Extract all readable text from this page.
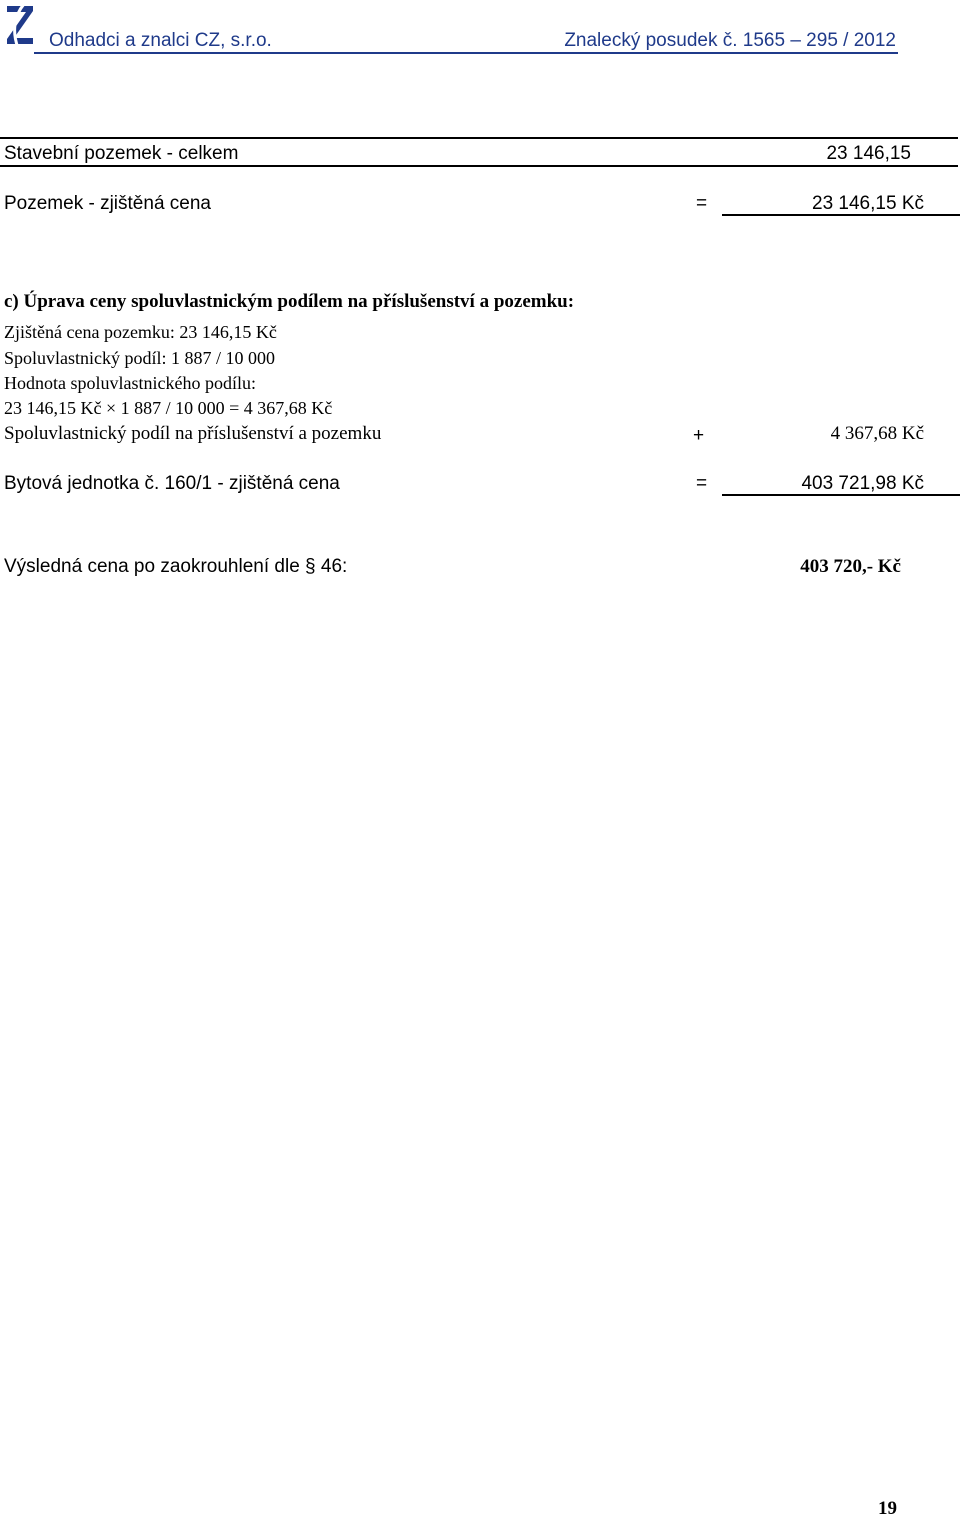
Odhadci a znalci CZ, s.r.o.	Znalecký posudek č. 1565 – 295 / 2012
Stavební pozemek - celkem	23 146,15
Pozemek - zjištěná cena	=	23 146,15 Kč
c) Úprava ceny spoluvlastnickým podílem na příslušenství a pozemku:
Zjištěná cena pozemku: 23 146,15 Kč
Spoluvlastnický podíl: 1 887 / 10 000
Hodnota spoluvlastnického podílu:
23 146,15 Kč × 1 887 / 10 000 = 4 367,68 Kč
Spoluvlastnický podíl na příslušenství a pozemku	+	4 367,68 Kč
Bytová jednotka č. 160/1 - zjištěná cena	=	403 721,98 Kč
Výsledná cena po zaokrouhlení dle § 46:	403 720,- Kč
19
